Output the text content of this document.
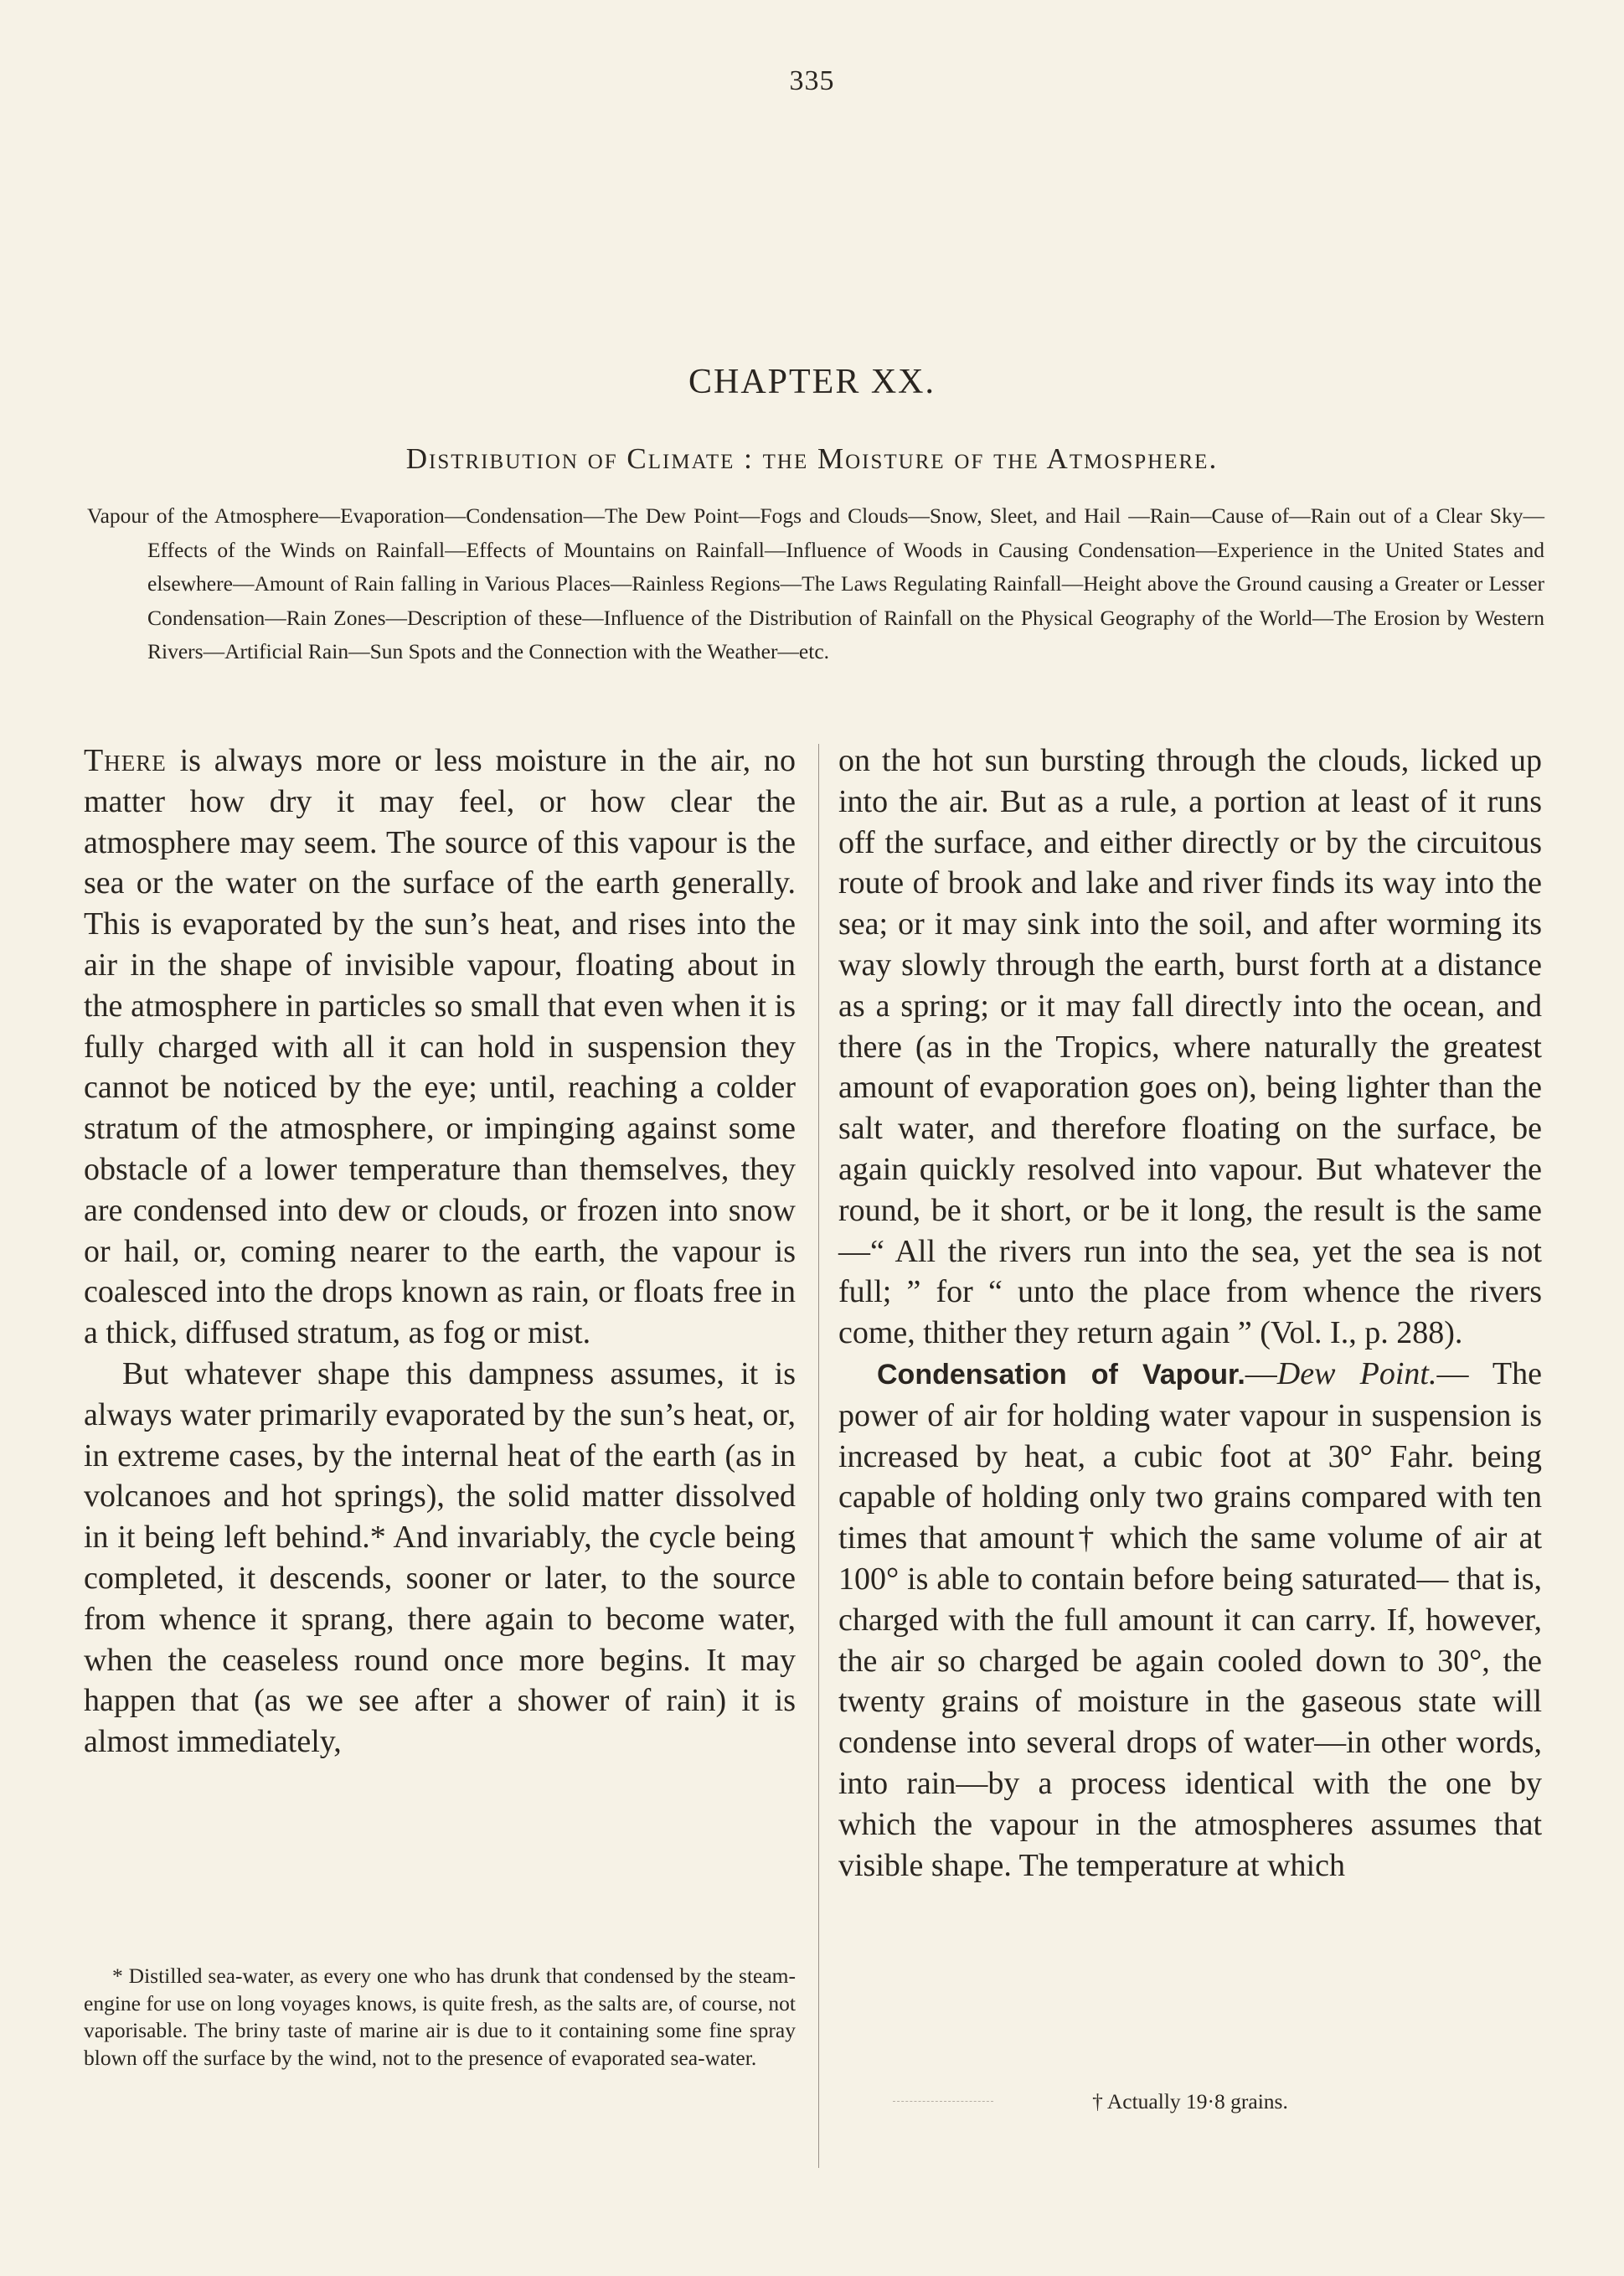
335
CHAPTER XX.
Distribution of Climate : the Moisture of the Atmosphere.
Vapour of the Atmosphere—Evaporation—Condensation—The Dew Point—Fogs and Clouds—Snow, Sleet, and Hail —Rain—Cause of—Rain out of a Clear Sky—Effects of the Winds on Rainfall—Effects of Mountains on Rainfall—Influence of Woods in Causing Condensation—Experience in the United States and elsewhere—Amount of Rain falling in Various Places—Rainless Regions—The Laws Regulating Rainfall—Height above the Ground causing a Greater or Lesser Condensation—Rain Zones—Description of these—Influence of the Distribution of Rainfall on the Physical Geography of the World—The Erosion by Western Rivers—Artificial Rain—Sun Spots and the Connection with the Weather—etc.

There is always more or less moisture in the air, no matter how dry it may feel, or how clear the atmosphere may seem. The source of this vapour is the sea or the water on the surface of the earth generally. This is evaporated by the sun’s heat, and rises into the air in the shape of invisible vapour, floating about in the atmosphere in particles so small that even when it is fully charged with all it can hold in suspension they cannot be noticed by the eye; until, reaching a colder stratum of the atmosphere, or impinging against some obstacle of a lower temperature than themselves, they are condensed into dew or clouds, or frozen into snow or hail, or, coming nearer to the earth, the vapour is coalesced into the drops known as rain, or floats free in a thick, diffused stratum, as fog or mist.

But whatever shape this dampness assumes, it is always water primarily evaporated by the sun’s heat, or, in extreme cases, by the internal heat of the earth (as in volcanoes and hot springs), the solid matter dissolved in it being left behind.* And invariably, the cycle being completed, it descends, sooner or later, to the source from whence it sprang, there again to become water, when the ceaseless round once more begins. It may happen that (as we see after a shower of rain) it is almost immediately,

on the hot sun bursting through the clouds, licked up into the air. But as a rule, a portion at least of it runs off the surface, and either directly or by the circuitous route of brook and lake and river finds its way into the sea; or it may sink into the soil, and after worming its way slowly through the earth, burst forth at a distance as a spring; or it may fall directly into the ocean, and there (as in the Tropics, where naturally the greatest amount of evaporation goes on), being lighter than the salt water, and therefore floating on the surface, be again quickly resolved into vapour. But whatever the round, be it short, or be it long, the result is the same—“ All the rivers run into the sea, yet the sea is not full; ” for “ unto the place from whence the rivers come, thither they return again ” (Vol. I., p. 288).

Condensation of Vapour.—Dew Point.— The power of air for holding water vapour in suspension is increased by heat, a cubic foot at 30° Fahr. being capable of holding only two grains compared with ten times that amount† which the same volume of air at 100° is able to contain before being saturated— that is, charged with the full amount it can carry. If, however, the air so charged be again cooled down to 30°, the twenty grains of moisture in the gaseous state will condense into several drops of water—in other words, into rain—by a process identical with the one by which the vapour in the atmospheres assumes that visible shape. The temperature at which

* Distilled sea-water, as every one who has drunk that condensed by the steam-engine for use on long voyages knows, is quite fresh, as the salts are, of course, not vaporisable. The briny taste of marine air is due to it containing some fine spray blown off the surface by the wind, not to the presence of evaporated sea-water.

† Actually 19·8 grains.
